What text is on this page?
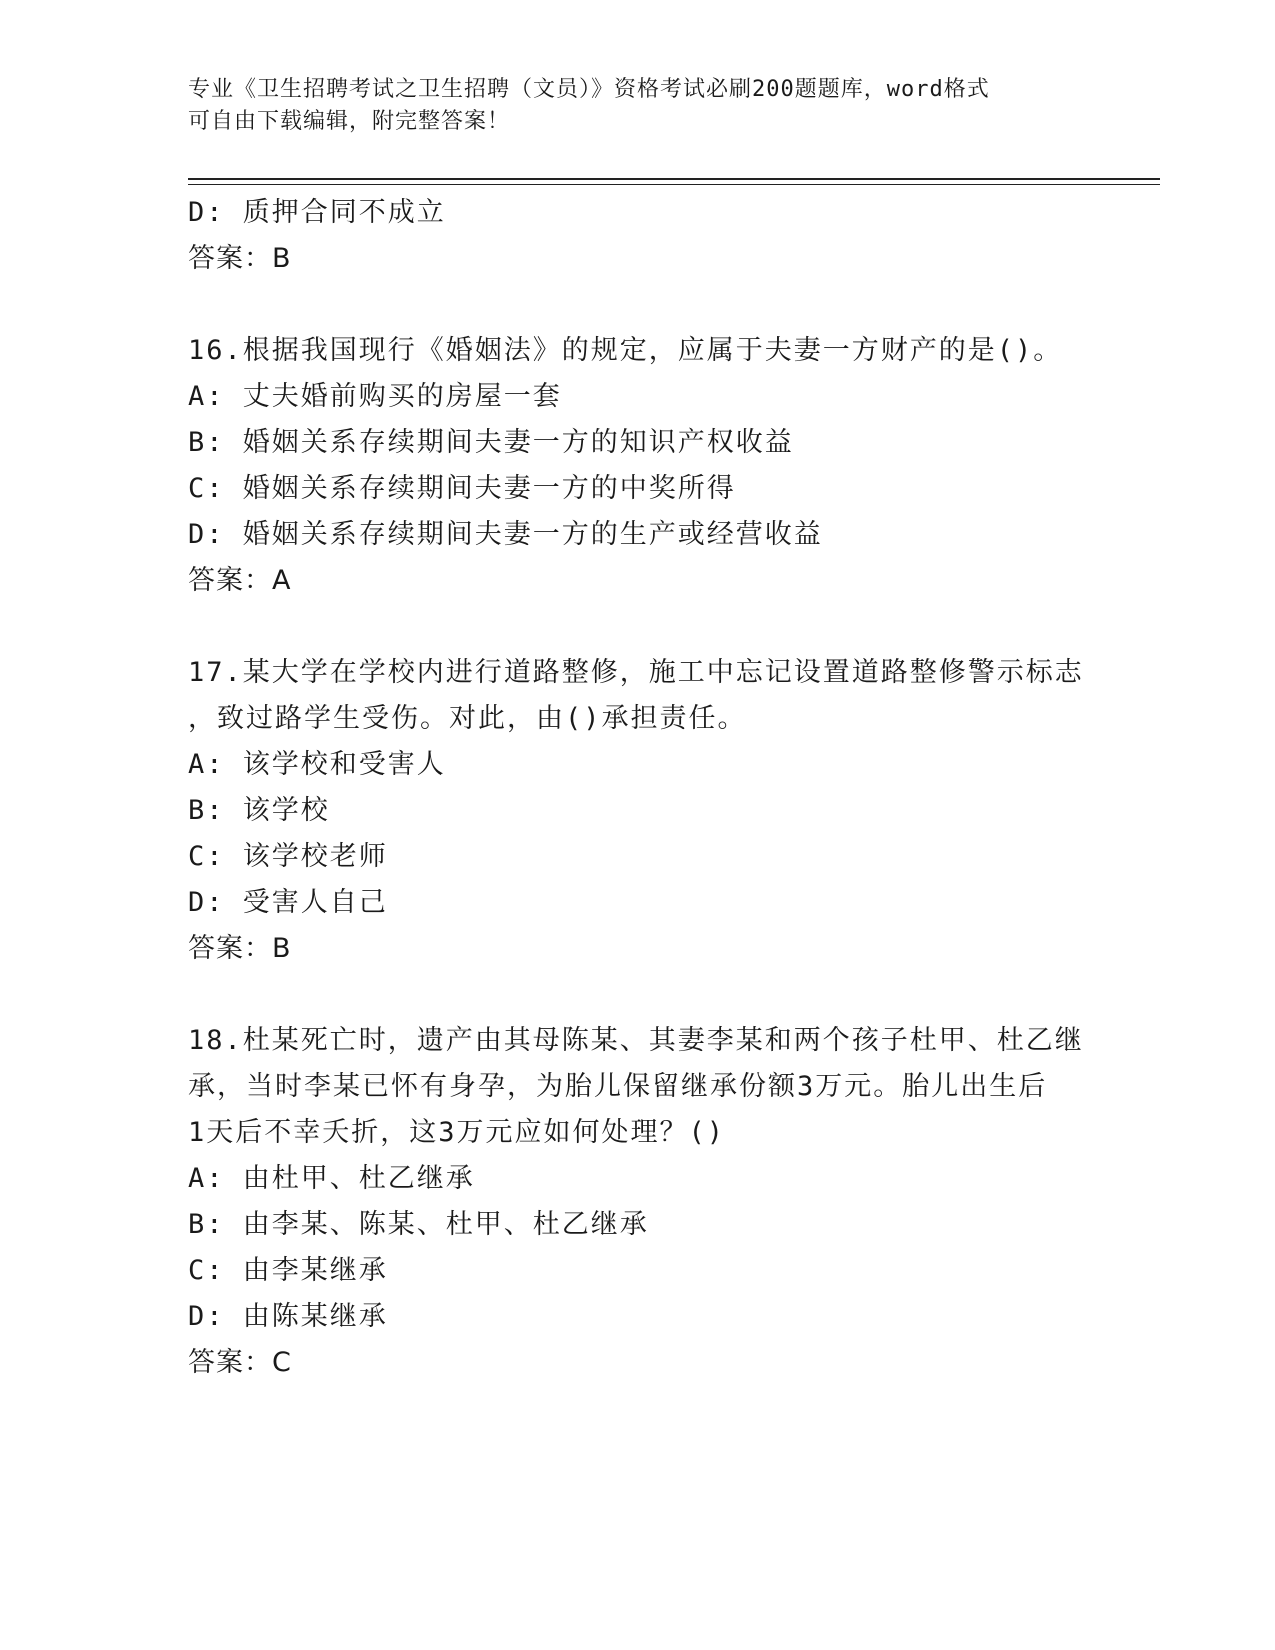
专业《卫生招聘考试之卫生招聘（文员）》资格考试必刷200题题库，word格式
可自由下载编辑，附完整答案！
D: 质押合同不成立
答案：B
16.根据我国现行《婚姻法》的规定，应属于夫妻一方财产的是()。
A: 丈夫婚前购买的房屋一套
B: 婚姻关系存续期间夫妻一方的知识产权收益
C: 婚姻关系存续期间夫妻一方的中奖所得
D: 婚姻关系存续期间夫妻一方的生产或经营收益
答案：A
17.某大学在学校内进行道路整修，施工中忘记设置道路整修警示标志
，致过路学生受伤。对此，由()承担责任。
A: 该学校和受害人
B: 该学校
C: 该学校老师
D: 受害人自己
答案：B
18.杜某死亡时，遗产由其母陈某、其妻李某和两个孩子杜甲、杜乙继
承，当时李某已怀有身孕，为胎儿保留继承份额3万元。胎儿出生后
1天后不幸夭折，这3万元应如何处理？()
A: 由杜甲、杜乙继承
B: 由李某、陈某、杜甲、杜乙继承
C: 由李某继承
D: 由陈某继承
答案：C
